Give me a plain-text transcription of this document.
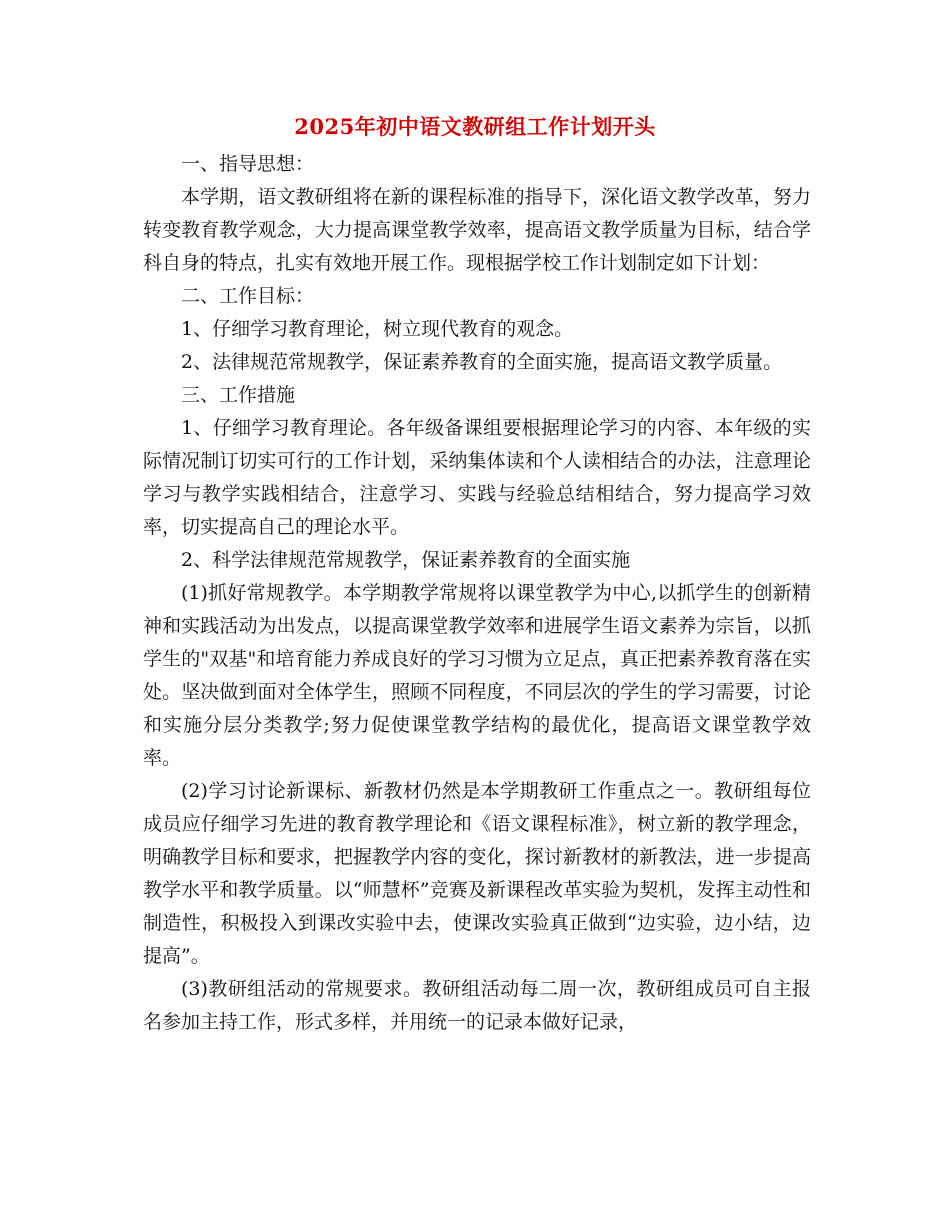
2025年初中语文教研组工作计划开头

一、指导思想：

本学期，语文教研组将在新的课程标准的指导下，深化语文教学改革，努力转变教育教学观念，大力提高课堂教学效率，提高语文教学质量为目标，结合学科自身的特点，扎实有效地开展工作。现根据学校工作计划制定如下计划：

二、工作目标：

1、仔细学习教育理论，树立现代教育的观念。

2、法律规范常规教学，保证素养教育的全面实施，提高语文教学质量。

三、工作措施

1、仔细学习教育理论。各年级备课组要根据理论学习的内容、本年级的实际情况制订切实可行的工作计划，采纳集体读和个人读相结合的办法，注意理论学习与教学实践相结合，注意学习、实践与经验总结相结合，努力提高学习效率，切实提高自己的理论水平。

2、科学法律规范常规教学，保证素养教育的全面实施

(1)抓好常规教学。本学期教学常规将以课堂教学为中心,以抓学生的创新精神和实践活动为出发点，以提高课堂教学效率和进展学生语文素养为宗旨，以抓学生的"双基"和培育能力养成良好的学习习惯为立足点，真正把素养教育落在实处。坚决做到面对全体学生，照顾不同程度，不同层次的学生的学习需要，讨论和实施分层分类教学;努力促使课堂教学结构的最优化，提高语文课堂教学效率。

(2)学习讨论新课标、新教材仍然是本学期教研工作重点之一。教研组每位成员应仔细学习先进的教育教学理论和《语文课程标准》，树立新的教学理念，明确教学目标和要求，把握教学内容的变化，探讨新教材的新教法，进一步提高教学水平和教学质量。以“师慧杯”竞赛及新课程改革实验为契机，发挥主动性和制造性，积极投入到课改实验中去，使课改实验真正做到“边实验，边小结，边提高”。

(3)教研组活动的常规要求。教研组活动每二周一次，教研组成员可自主报名参加主持工作，形式多样，并用统一的记录本做好记录，
